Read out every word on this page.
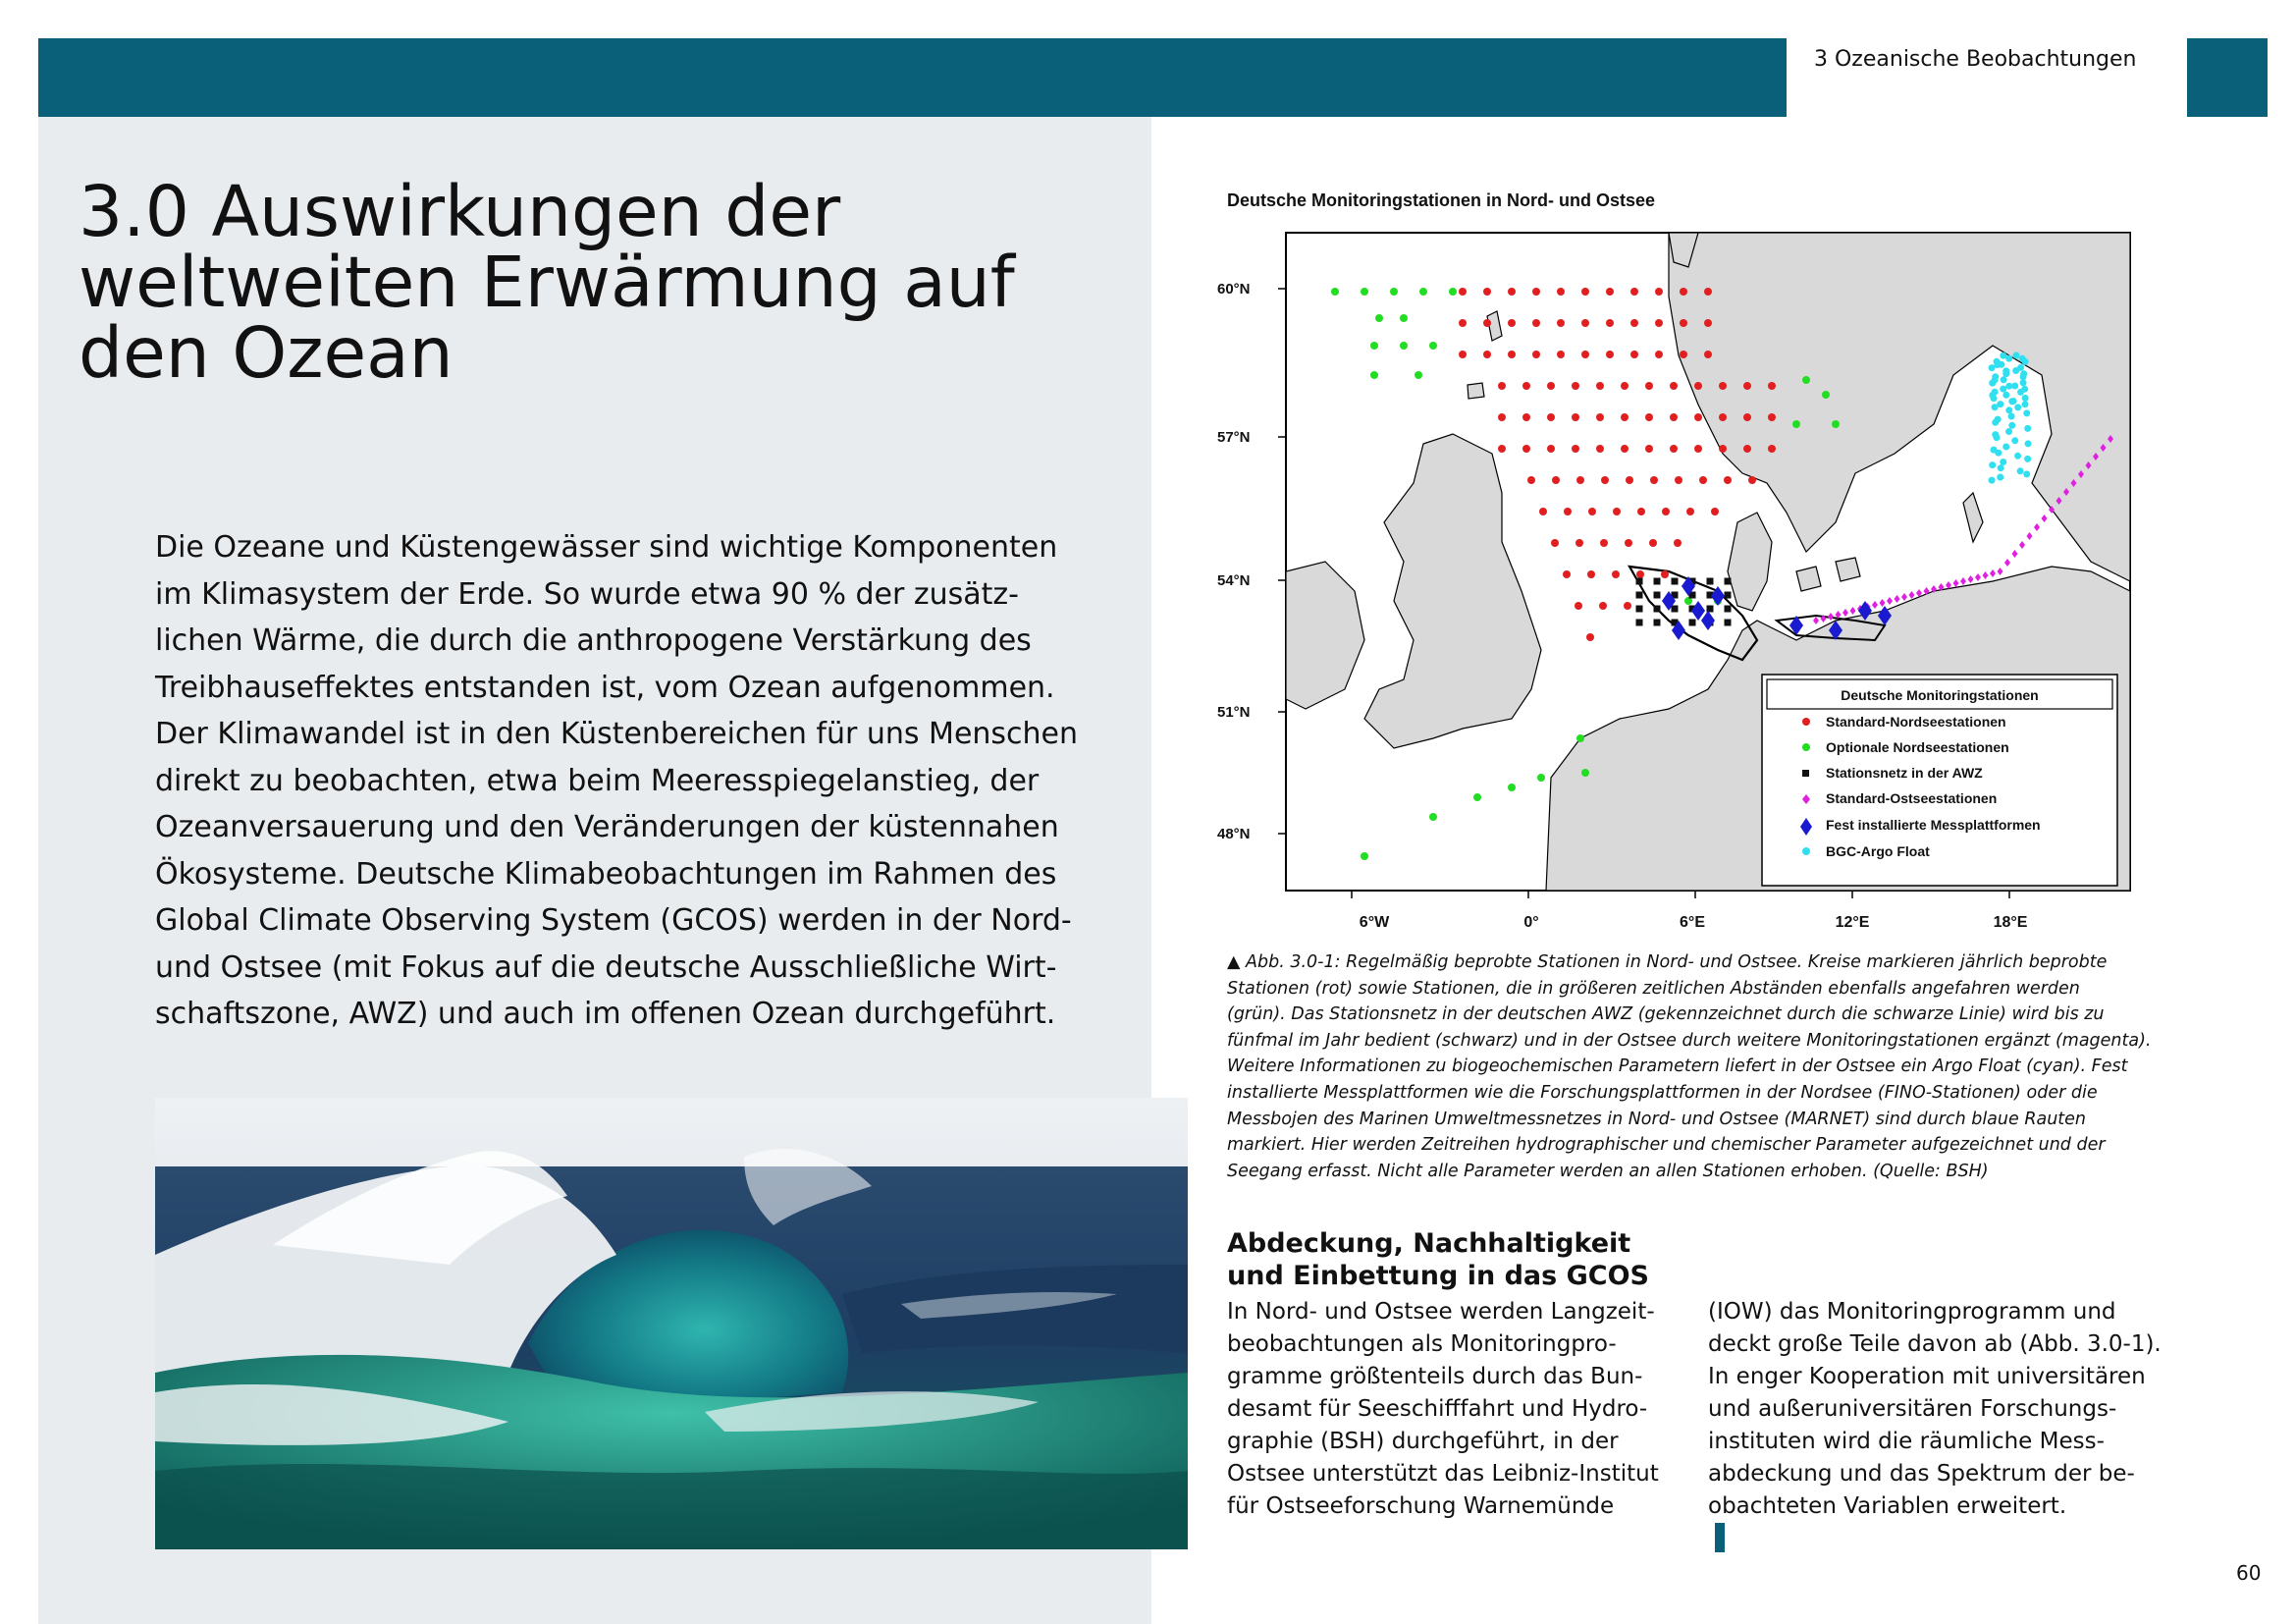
3 Ozeanische Beobachtungen
3.0 Auswirkungen der
weltweiten Erwärmung auf
den Ozean
Die Ozeane und Küstengewässer sind wichtige Komponenten
im Klimasystem der Erde. So wurde etwa 90 % der zusätz-
lichen Wärme, die durch die anthropogene Verstärkung des
Treibhauseffektes entstanden ist, vom Ozean aufgenommen.
Der Klimawandel ist in den Küstenbereichen für uns Menschen
direkt zu beobachten, etwa beim Meeresspiegelanstieg, der
Ozeanversauerung und den Veränderungen der küstennahen
Ökosysteme. Deutsche Klimabeobachtungen im Rahmen des
Global Climate Observing System (GCOS) werden in der Nord-
und Ostsee (mit Fokus auf die deutsche Ausschließliche Wirt-
schaftszone, AWZ) und auch im offenen Ozean durchgeführt.
Deutsche Monitoringstationen in Nord- und Ostsee
60°N
57°N
54°N
51°N
48°N
6°W	0°	6°E	12°E	18°E
Deutsche Monitoringstationen
Standard-Nordseestationen
Optionale Nordseestationen
Stationsnetz in der AWZ
Standard-Ostseestationen
Fest installierte Messplattformen
BGC-Argo Float
▲ Abb. 3.0-1: Regelmäßig beprobte Stationen in Nord- und Ostsee. Kreise markieren jährlich beprobte
Stationen (rot) sowie Stationen, die in größeren zeitlichen Abständen ebenfalls angefahren werden
(grün). Das Stationsnetz in der deutschen AWZ (gekennzeichnet durch die schwarze Linie) wird bis zu
fünfmal im Jahr bedient (schwarz) und in der Ostsee durch weitere Monitoringstationen ergänzt (magenta).
Weitere Informationen zu biogeochemischen Parametern liefert in der Ostsee ein Argo Float (cyan). Fest
installierte Messplattformen wie die Forschungsplattformen in der Nordsee (FINO-Stationen) oder die
Messbojen des Marinen Umweltmessnetzes in Nord- und Ostsee (MARNET) sind durch blaue Rauten
markiert. Hier werden Zeitreihen hydrographischer und chemischer Parameter aufgezeichnet und der
Seegang erfasst. Nicht alle Parameter werden an allen Stationen erhoben. (Quelle: BSH)
Abdeckung, Nachhaltigkeit
und Einbettung in das GCOS
In Nord- und Ostsee werden Langzeit-
beobachtungen als Monitoringpro-
gramme größtenteils durch das Bun-
desamt für Seeschifffahrt und Hydro-
graphie (BSH) durchgeführt, in der
Ostsee unterstützt das Leibniz-Institut
für Ostseeforschung Warnemünde
(IOW) das Monitoringprogramm und
deckt große Teile davon ab (Abb. 3.0-1).
In enger Kooperation mit universitären
und außeruniversitären Forschungs-
instituten wird die räumliche Mess-
abdeckung und das Spektrum der be-
obachteten Variablen erweitert.
60
